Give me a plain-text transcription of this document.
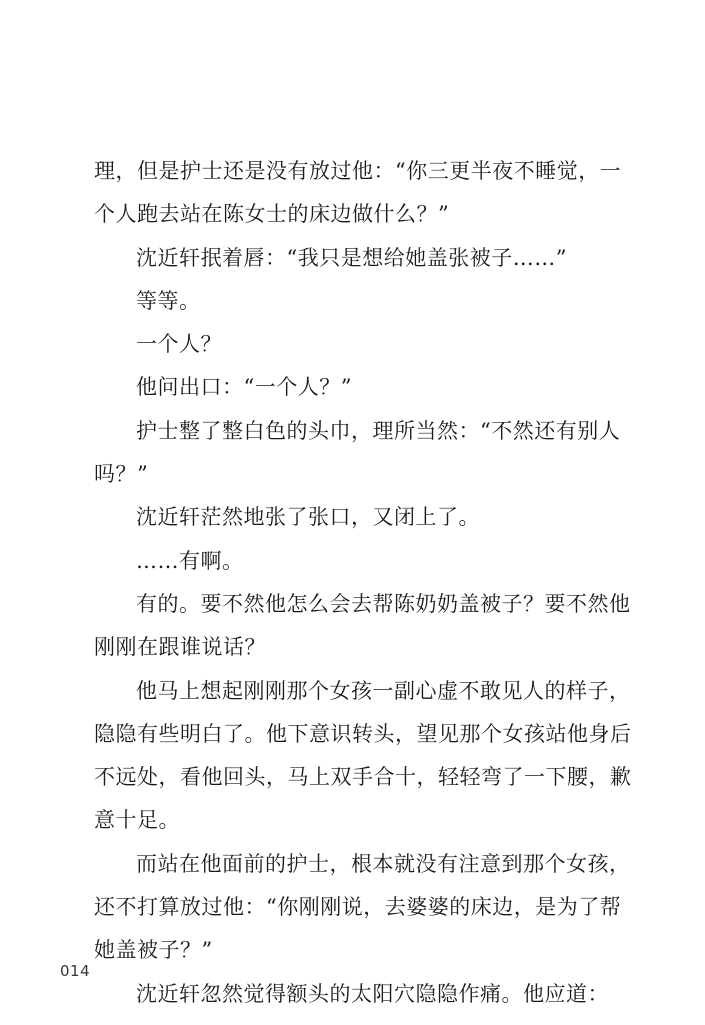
理，但是护士还是没有放过他：“你三更半夜不睡觉，一
个人跑去站在陈女士的床边做什么？”
沈近轩抿着唇：“我只是想给她盖张被子……”
等等。
一个人？
他问出口：“一个人？”
护士整了整白色的头巾，理所当然：“不然还有别人
吗？”
沈近轩茫然地张了张口，又闭上了。
……有啊。
有的。要不然他怎么会去帮陈奶奶盖被子？要不然他
刚刚在跟谁说话？
他马上想起刚刚那个女孩一副心虚不敢见人的样子，
隐隐有些明白了。他下意识转头，望见那个女孩站他身后
不远处，看他回头，马上双手合十，轻轻弯了一下腰，歉
意十足。
而站在他面前的护士，根本就没有注意到那个女孩，
还不打算放过他：“你刚刚说，去婆婆的床边，是为了帮
她盖被子？”
沈近轩忽然觉得额头的太阳穴隐隐作痛。他应道：
014
